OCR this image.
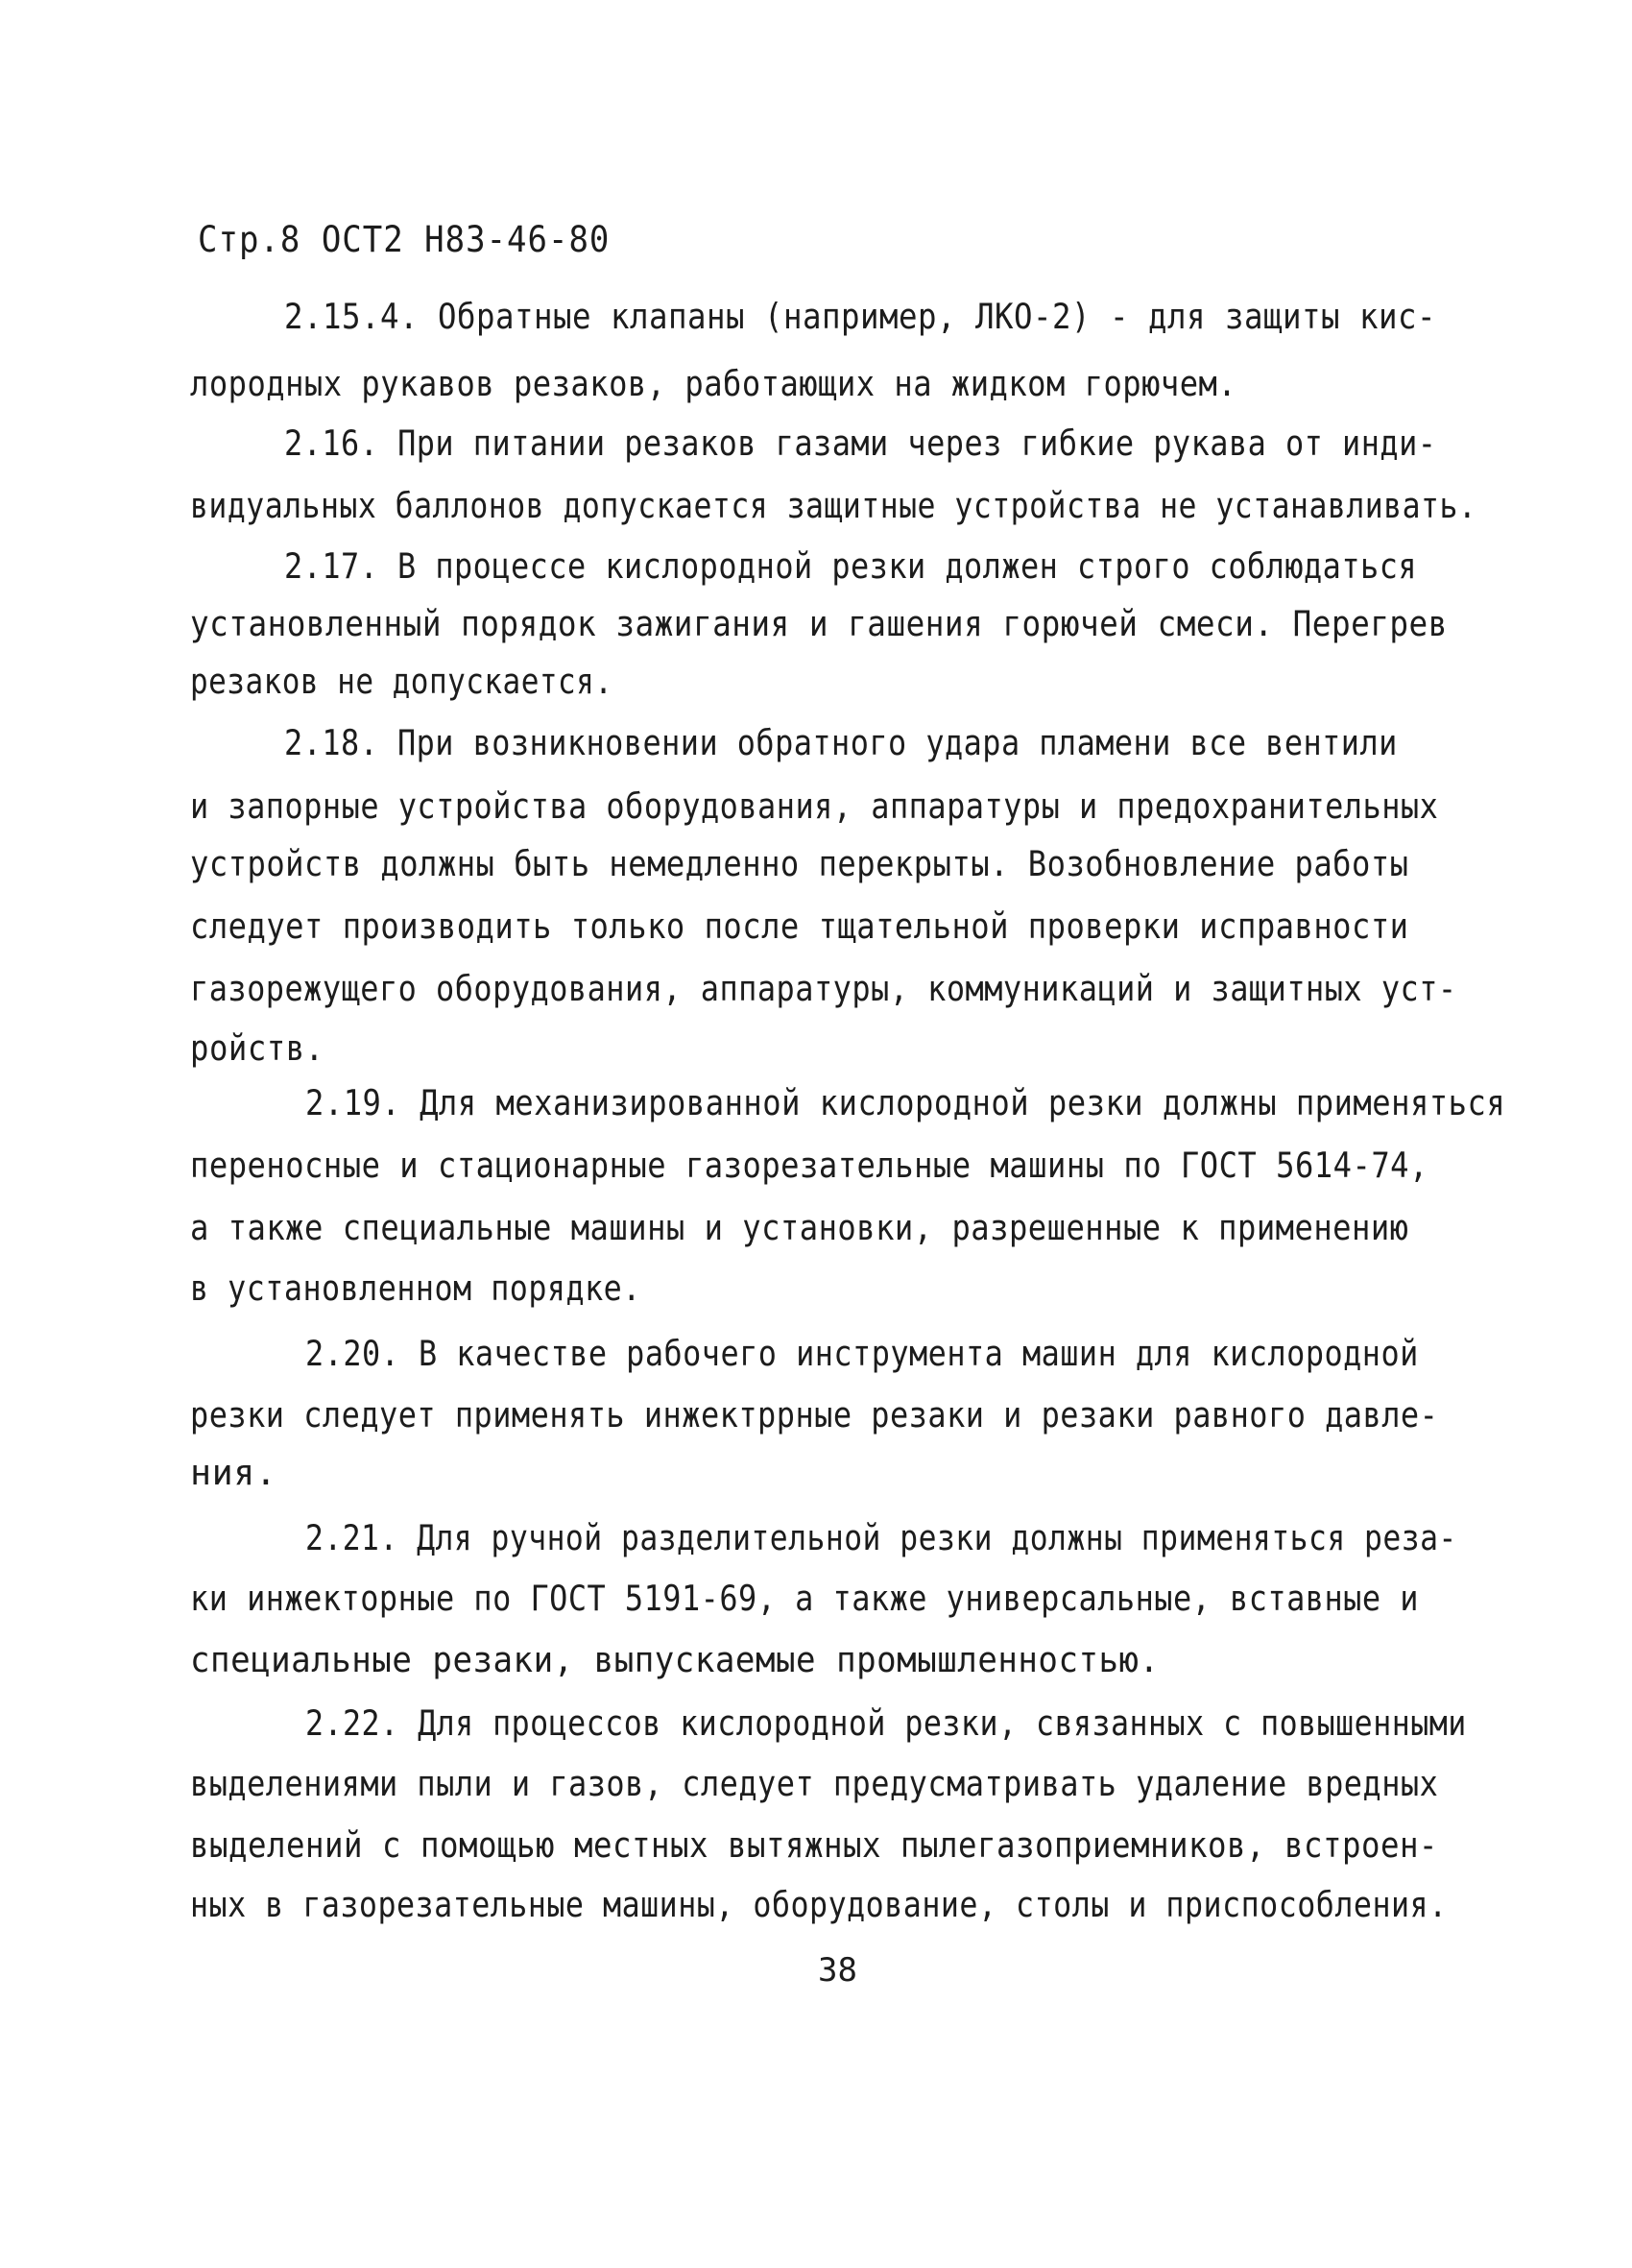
Стр.8 ОСТ2 Н83-46-80
2.15.4. Обратные клапаны (например, ЛКО-2) - для защиты кис-
лородных рукавов резаков, работающих на жидком горючем.
2.16. При питании резаков газами через гибкие рукава от инди-
видуальных баллонов допускается защитные устройства не устанавливать.
2.17. В процессе кислородной резки должен строго соблюдаться
установленный порядок зажигания и гашения горючей смеси. Перегрев
резаков не допускается.
2.18. При возникновении обратного удара пламени все вентили
и запорные устройства оборудования, аппаратуры и предохранительных
устройств должны быть немедленно перекрыты. Возобновление работы
следует производить только после тщательной проверки исправности
газорежущего оборудования, аппаратуры, коммуникаций и защитных уст-
ройств.
2.19. Для механизированной кислородной резки должны применяться
переносные и стационарные газорезательные машины по ГОСТ 5614-74,
а также специальные машины и установки, разрешенные к применению
в установленном порядке.
2.20. В качестве рабочего инструмента машин для кислородной
резки следует применять инжектррные резаки и резаки равного давле-
ния.
2.21. Для ручной разделительной резки должны применяться реза-
ки инжекторные по ГОСТ 5191-69, а также универсальные, вставные и
специальные резаки, выпускаемые промышленностью.
2.22. Для процессов кислородной резки, связанных с повышенными
выделениями пыли и газов, следует предусматривать удаление вредных
выделений с помощью местных вытяжных пылегазоприемников, встроен-
ных в газорезательные машины, оборудование, столы и приспособления.
38
